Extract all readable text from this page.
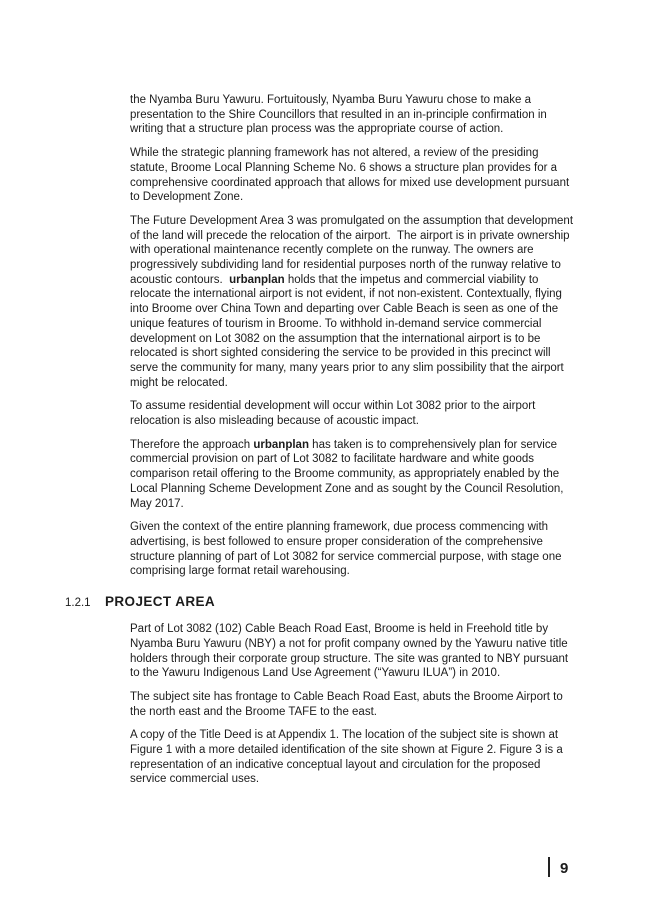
the Nyamba Buru Yawuru. Fortuitously, Nyamba Buru Yawuru chose to make a presentation to the Shire Councillors that resulted in an in-principle confirmation in writing that a structure plan process was the appropriate course of action.

While the strategic planning framework has not altered, a review of the presiding statute, Broome Local Planning Scheme No. 6 shows a structure plan provides for a comprehensive coordinated approach that allows for mixed use development pursuant to Development Zone.

The Future Development Area 3 was promulgated on the assumption that development of the land will precede the relocation of the airport.  The airport is in private ownership with operational maintenance recently complete on the runway. The owners are progressively subdividing land for residential purposes north of the runway relative to acoustic contours.  urbanplan holds that the impetus and commercial viability to relocate the international airport is not evident, if not non-existent. Contextually, flying into Broome over China Town and departing over Cable Beach is seen as one of the unique features of tourism in Broome. To withhold in-demand service commercial development on Lot 3082 on the assumption that the international airport is to be relocated is short sighted considering the service to be provided in this precinct will serve the community for many, many years prior to any slim possibility that the airport might be relocated.

To assume residential development will occur within Lot 3082 prior to the airport relocation is also misleading because of acoustic impact.

Therefore the approach urbanplan has taken is to comprehensively plan for service commercial provision on part of Lot 3082 to facilitate hardware and white goods comparison retail offering to the Broome community, as appropriately enabled by the Local Planning Scheme Development Zone and as sought by the Council Resolution, May 2017.

Given the context of the entire planning framework, due process commencing with advertising, is best followed to ensure proper consideration of the comprehensive structure planning of part of Lot 3082 for service commercial purpose, with stage one comprising large format retail warehousing.

1.2.1	PROJECT AREA

Part of Lot 3082 (102) Cable Beach Road East, Broome is held in Freehold title by Nyamba Buru Yawuru (NBY) a not for profit company owned by the Yawuru native title holders through their corporate group structure. The site was granted to NBY pursuant to the Yawuru Indigenous Land Use Agreement (“Yawuru ILUA”) in 2010.

The subject site has frontage to Cable Beach Road East, abuts the Broome Airport to the north east and the Broome TAFE to the east.

A copy of the Title Deed is at Appendix 1. The location of the subject site is shown at Figure 1 with a more detailed identification of the site shown at Figure 2. Figure 3 is a representation of an indicative conceptual layout and circulation for the proposed service commercial uses.

9
